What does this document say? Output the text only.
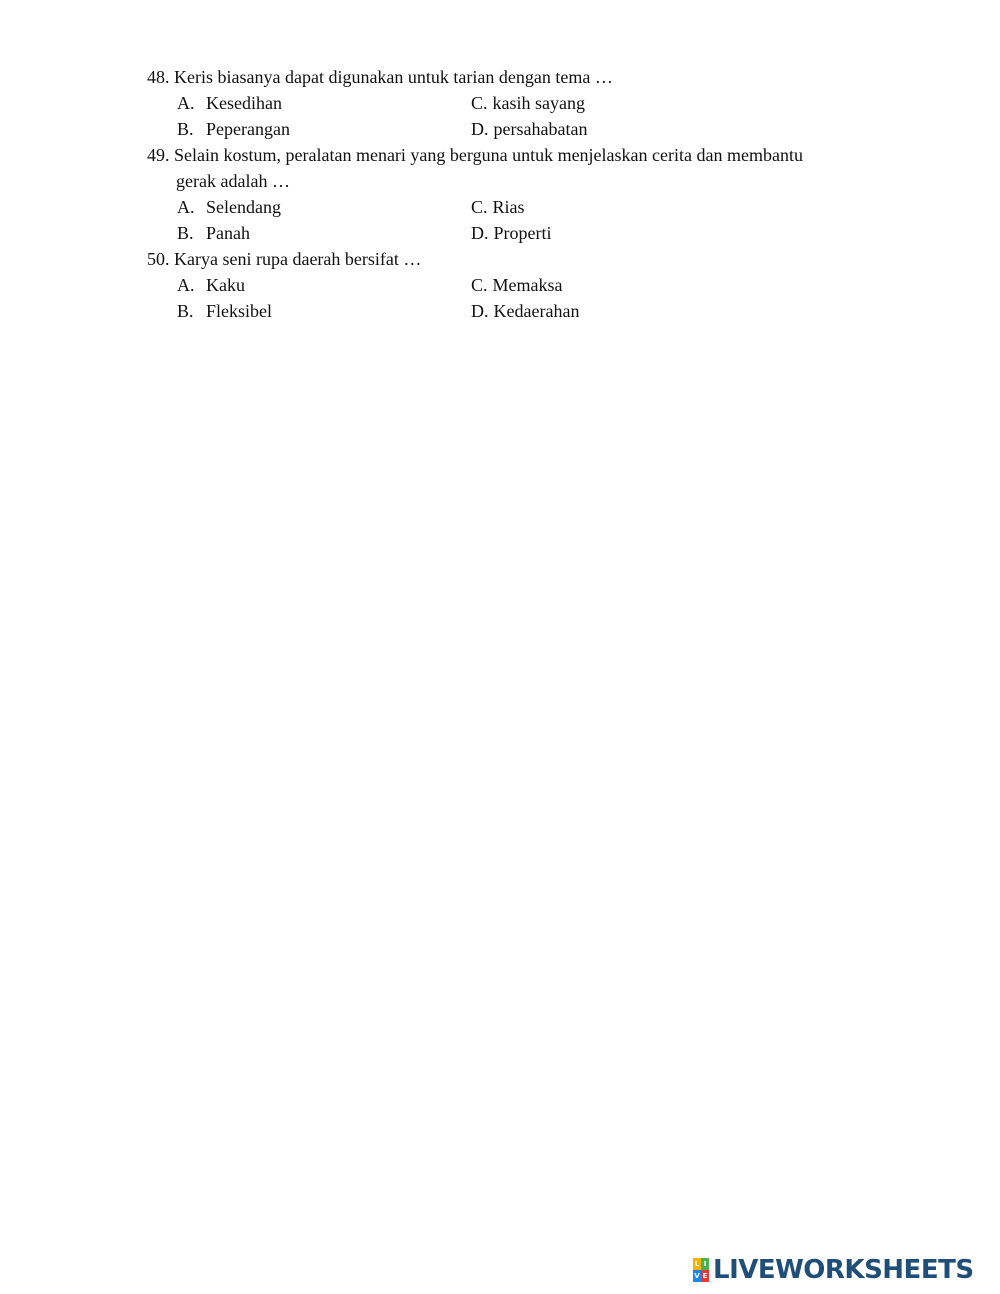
48. Keris biasanya dapat digunakan untuk tarian dengan tema …
A. Kesedihan
B. Peperangan
C. kasih sayang
D. persahabatan
49. Selain kostum, peralatan menari yang berguna untuk menjelaskan cerita dan membantu
gerak adalah …
A. Selendang
B. Panah
C. Rias
D. Properti
50. Karya seni rupa daerah bersifat …
A. Kaku
B. Fleksibel
C. Memaksa
D. Kedaerahan
L I
V E LIVEWORKSHEETS
